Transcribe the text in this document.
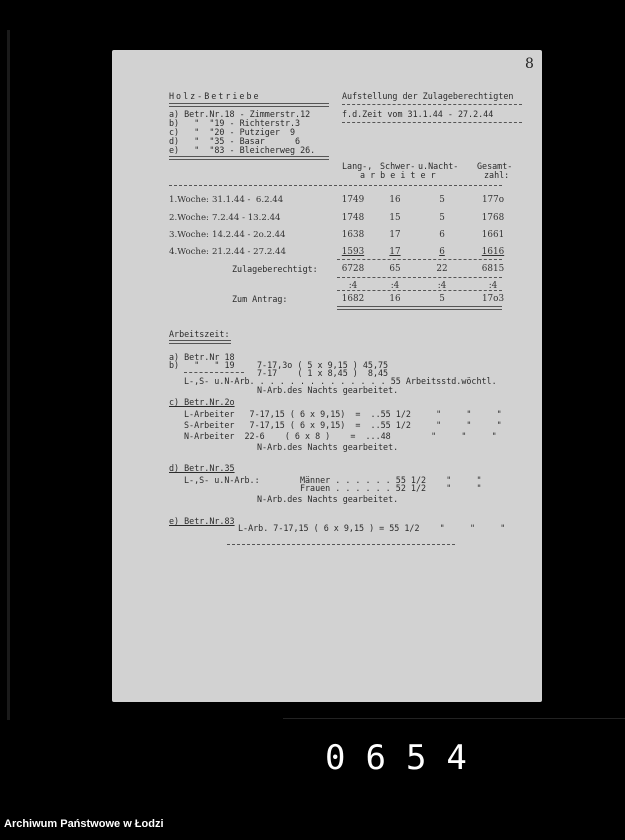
8
Holz-Betriebe
a) Betr.Nr.18 - Zimmerstr.12
b)   "  "19 - Richterstr.3
c)   "  "20 - Putziger  9
d)   "  "35 - Basar      6
e)   "  "83 - Bleicherweg 26.
Aufstellung der Zulageberechtigten
f.d.Zeit vom 31.1.44 - 27.2.44
Lang-, Schwer- u.Nacht- Gesamt-
a r b e i t e r	zahl:
1.Woche: 31.1.44 -  6.2.44	1749	16	5	177o
2.Woche: 7.2.44 - 13.2.44	1748	15	5	1768
3.Woche: 14.2.44 - 2o.2.44	1638	17	6	1661
4.Woche: 21.2.44 - 27.2.44	1593	17	6	1616
Zulageberechtigt:	6728	65	22	6815
:4	:4	:4	:4
Zum Antrag:	1682	16	5	17o3
Arbeitszeit:
a) Betr.Nr 18
b)   "   " 19	7-17,3o ( 5 x 9,15 ) 45,75
7-17    ( 1 x 8,45 )  8,45
L-,S- u.N-Arb. . . . . . . . . . . . . . 55 Arbeitsstd.wöchtl.
N-Arb.des Nachts gearbeitet.
c) Betr.Nr.2o
L-Arbeiter   7-17,15 ( 6 x 9,15)  =  ..55 1/2     "     "     "
S-Arbeiter   7-17,15 ( 6 x 9,15)  =  ..55 1/2     "     "     "
N-Arbeiter  22-6    ( 6 x 8 )    =  ...48        "     "     "
N-Arb.des Nachts gearbeitet.
d) Betr.Nr.35
L-,S- u.N-Arb.:        Männer . . . . . . 55 1/2    "     "
Frauen . . . . . . 52 1/2    "     "
N-Arb.des Nachts gearbeitet.
e) Betr.Nr.83
L-Arb. 7-17,15 ( 6 x 9,15 ) = 55 1/2    "     "     "
0654
Archiwum Państwowe w Łodzi
